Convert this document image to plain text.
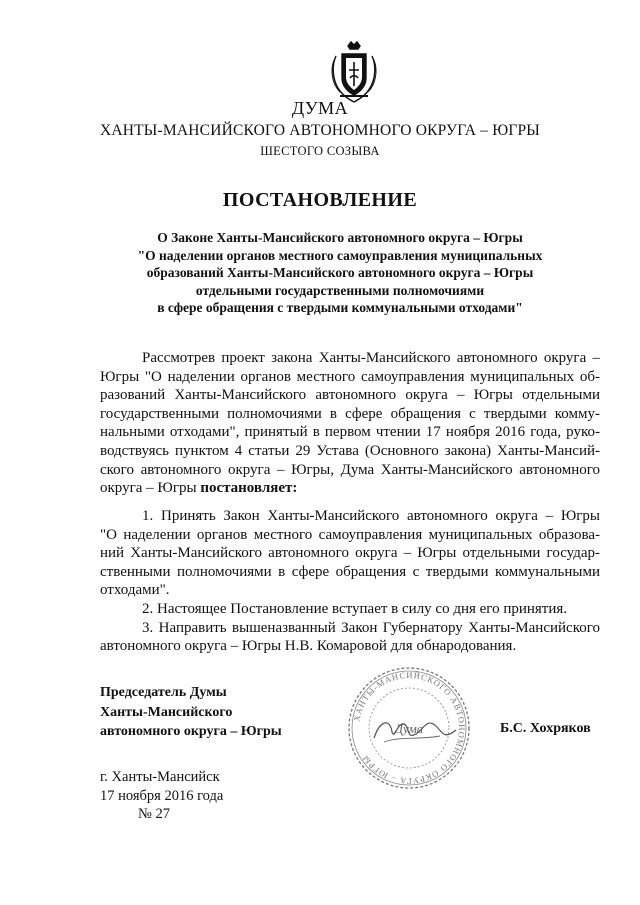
ДУМА
ХАНТЫ-МАНСИЙСКОГО АВТОНОМНОГО ОКРУГА – ЮГРЫ
ШЕСТОГО СОЗЫВА
ПОСТАНОВЛЕНИЕ
О Законе Ханты-Мансийского автономного округа – Югры
"О наделении органов местного самоуправления муниципальных
образований Ханты-Мансийского автономного округа – Югры
отдельными государственными полномочиями
в сфере обращения с твердыми коммунальными отходами"
Рассмотрев проект закона Ханты-Мансийского автономного округа –
Югры "О наделении органов местного самоуправления муниципальных об-
разований Ханты-Мансийского автономного округа – Югры отдельными
государственными полномочиями в сфере обращения с твердыми комму-
нальными отходами", принятый в первом чтении 17 ноября 2016 года, руко-
водствуясь пунктом 4 статьи 29 Устава (Основного закона) Ханты-Мансий-
ского автономного округа – Югры, Дума Ханты-Мансийского автономного
округа – Югры постановляет:
1. Принять Закон Ханты-Мансийского автономного округа – Югры
"О наделении органов местного самоуправления муниципальных образова-
ний Ханты-Мансийского автономного округа – Югры отдельными государ-
ственными полномочиями в сфере обращения с твердыми коммунальными
отходами".
2. Настоящее Постановление вступает в силу со дня его принятия.
3. Направить вышеназванный Закон Губернатору Ханты-Мансийского
автономного округа – Югры Н.В. Комаровой для обнародования.
ХАНТЫ-МАНСИЙСКОГО АВТОНОМНОГО ОКРУГА – ЮГРЫ
Дума
Председатель Думы
Ханты-Мансийского
автономного округа – Югры	Б.С. Хохряков
г. Ханты-Мансийск
17 ноября 2016 года
№ 27
